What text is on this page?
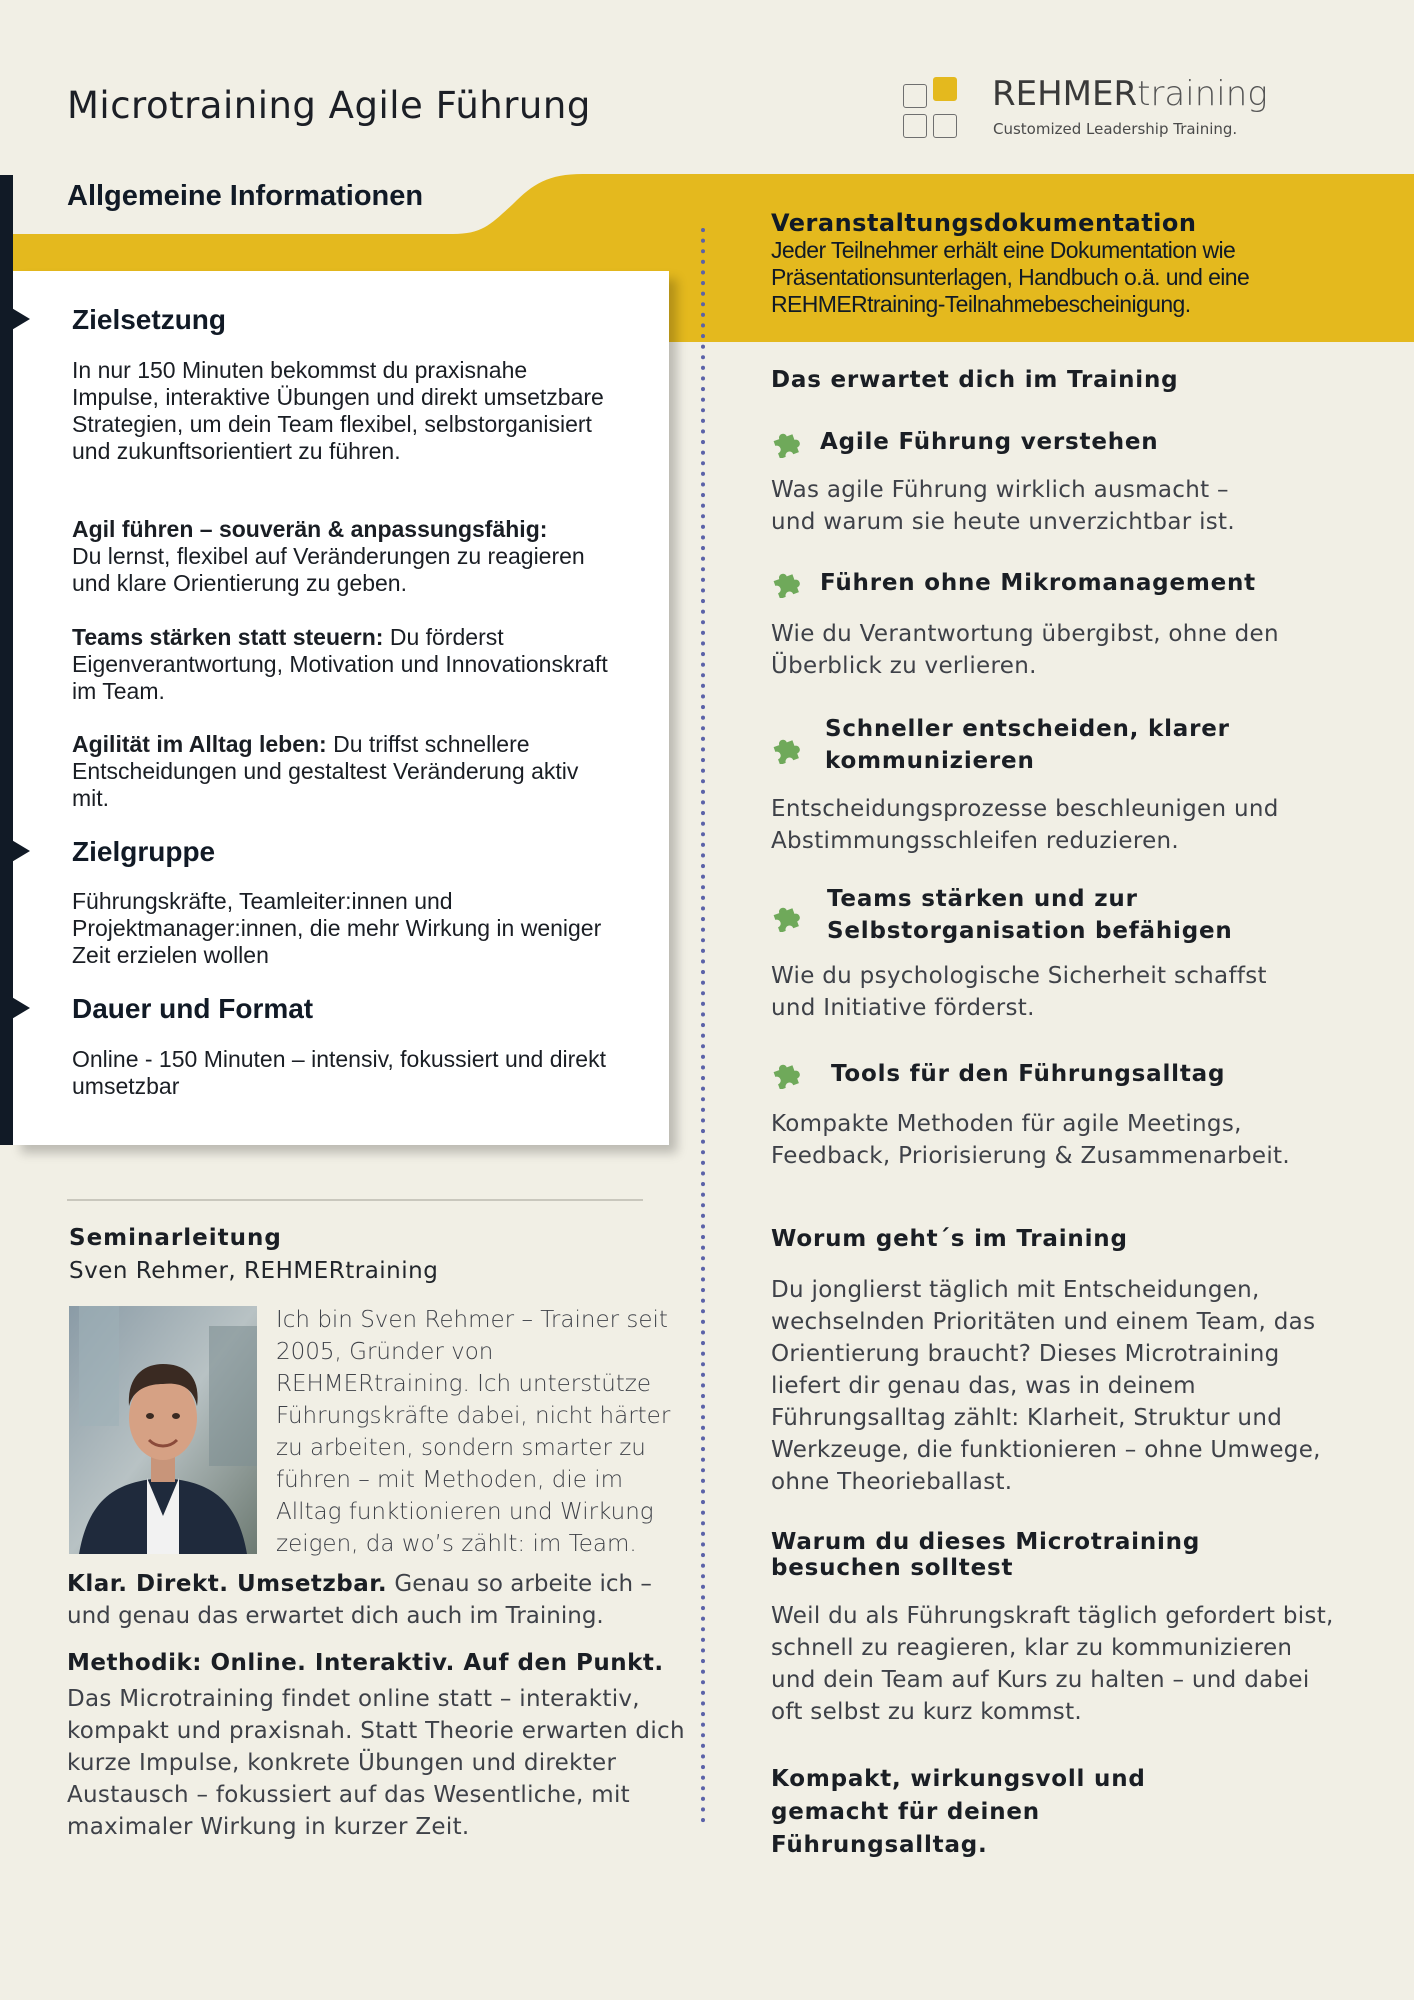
Microtraining Agile Führung	REHMERtraining
Customized Leadership Training.
Allgemeine Informationen
Zielsetzung

In nur 150 Minuten bekommst du praxisnahe Impulse, interaktive Übungen und direkt umsetzbare Strategien, um dein Team flexibel, selbstorganisiert und zukunftsorientiert zu führen.

Agil führen – souverän & anpassungsfähig:
Du lernst, flexibel auf Veränderungen zu reagieren und klare Orientierung zu geben.

Teams stärken statt steuern: Du förderst Eigenverantwortung, Motivation und Innovationskraft im Team.

Agilität im Alltag leben: Du triffst schnellere Entscheidungen und gestaltest Veränderung aktiv mit.

Zielgruppe

Führungskräfte, Teamleiter:innen und Projektmanager:innen, die mehr Wirkung in weniger Zeit erzielen wollen

Dauer und Format

Online - 150 Minuten – intensiv, fokussiert und direkt umsetzbar

Seminarleitung
Sven Rehmer, REHMERtraining

Ich bin Sven Rehmer – Trainer seit 2005, Gründer von REHMERtraining. Ich unterstütze Führungskräfte dabei, nicht härter zu arbeiten, sondern smarter zu führen – mit Methoden, die im Alltag funktionieren und Wirkung zeigen, da wo’s zählt: im Team.

Klar. Direkt. Umsetzbar. Genau so arbeite ich – und genau das erwartet dich auch im Training.

Methodik: Online. Interaktiv. Auf den Punkt.

Das Microtraining findet online statt – interaktiv, kompakt und praxisnah. Statt Theorie erwarten dich kurze Impulse, konkrete Übungen und direkter Austausch – fokussiert auf das Wesentliche, mit maximaler Wirkung in kurzer Zeit.

Veranstaltungsdokumentation

Jeder Teilnehmer erhält eine Dokumentation wie Präsentationsunterlagen, Handbuch o.ä. und eine REHMERtraining-Teilnahmebescheinigung.

Das erwartet dich im Training
Agile Führung verstehen

Was agile Führung wirklich ausmacht – und warum sie heute unverzichtbar ist.

Führen ohne Mikromanagement

Wie du Verantwortung übergibst, ohne den Überblick zu verlieren.

Schneller entscheiden, klarer kommunizieren

Entscheidungsprozesse beschleunigen und Abstimmungsschleifen reduzieren.

Teams stärken und zur Selbstorganisation befähigen

Wie du psychologische Sicherheit schaffst und Initiative förderst.

Tools für den Führungsalltag

Kompakte Methoden für agile Meetings, Feedback, Priorisierung & Zusammenarbeit.

Worum geht´s im Training

Du jonglierst täglich mit Entscheidungen, wechselnden Prioritäten und einem Team, das Orientierung braucht? Dieses Microtraining liefert dir genau das, was in deinem Führungsalltag zählt: Klarheit, Struktur und Werkzeuge, die funktionieren – ohne Umwege, ohne Theorieballast.

Warum du dieses Microtraining besuchen solltest

Weil du als Führungskraft täglich gefordert bist, schnell zu reagieren, klar zu kommunizieren und dein Team auf Kurs zu halten – und dabei oft selbst zu kurz kommst.

Kompakt, wirkungsvoll und gemacht für deinen Führungsalltag.
